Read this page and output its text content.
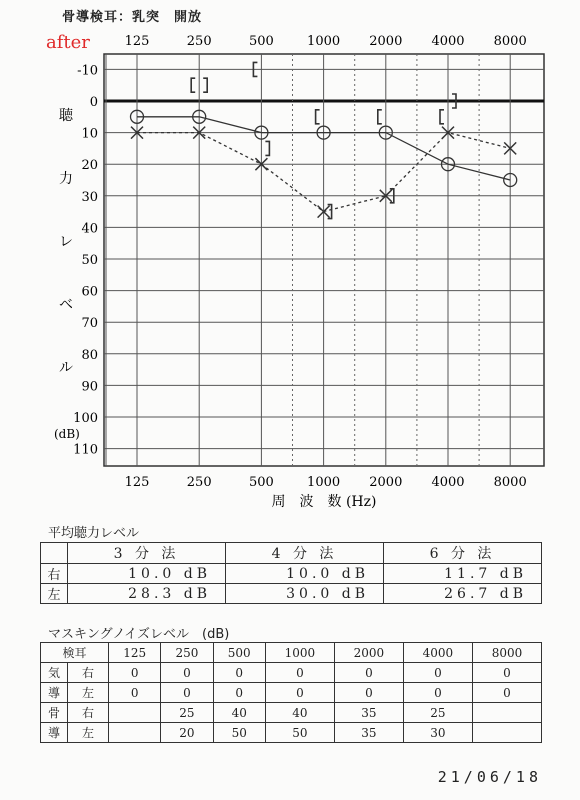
骨導検耳：乳突　開放
after
-10
0
10
20
30
40
50
60
70
80
90
100
110
125
125
250
250
500
500
1000
1000
2000
2000
4000
4000
8000
8000
聴
力
レ
ベ
ル
(dB)
周　波　数 (Hz)
平均聴力レベル
	3 分 法	4 分 法	6 分 法
右	10.0 dB	10.0 dB	11.7 dB
左	28.3 dB	30.0 dB	26.7 dB
マスキングノイズレベル　(dB)
検耳		125	250	500	1000	2000	4000	8000
気	右	0	0	0	0	0	0	0
導	左	0	0	0	0	0	0	0
骨	右		25	40	40	35	25	
導	左		20	50	50	35	30	
21/06/18
